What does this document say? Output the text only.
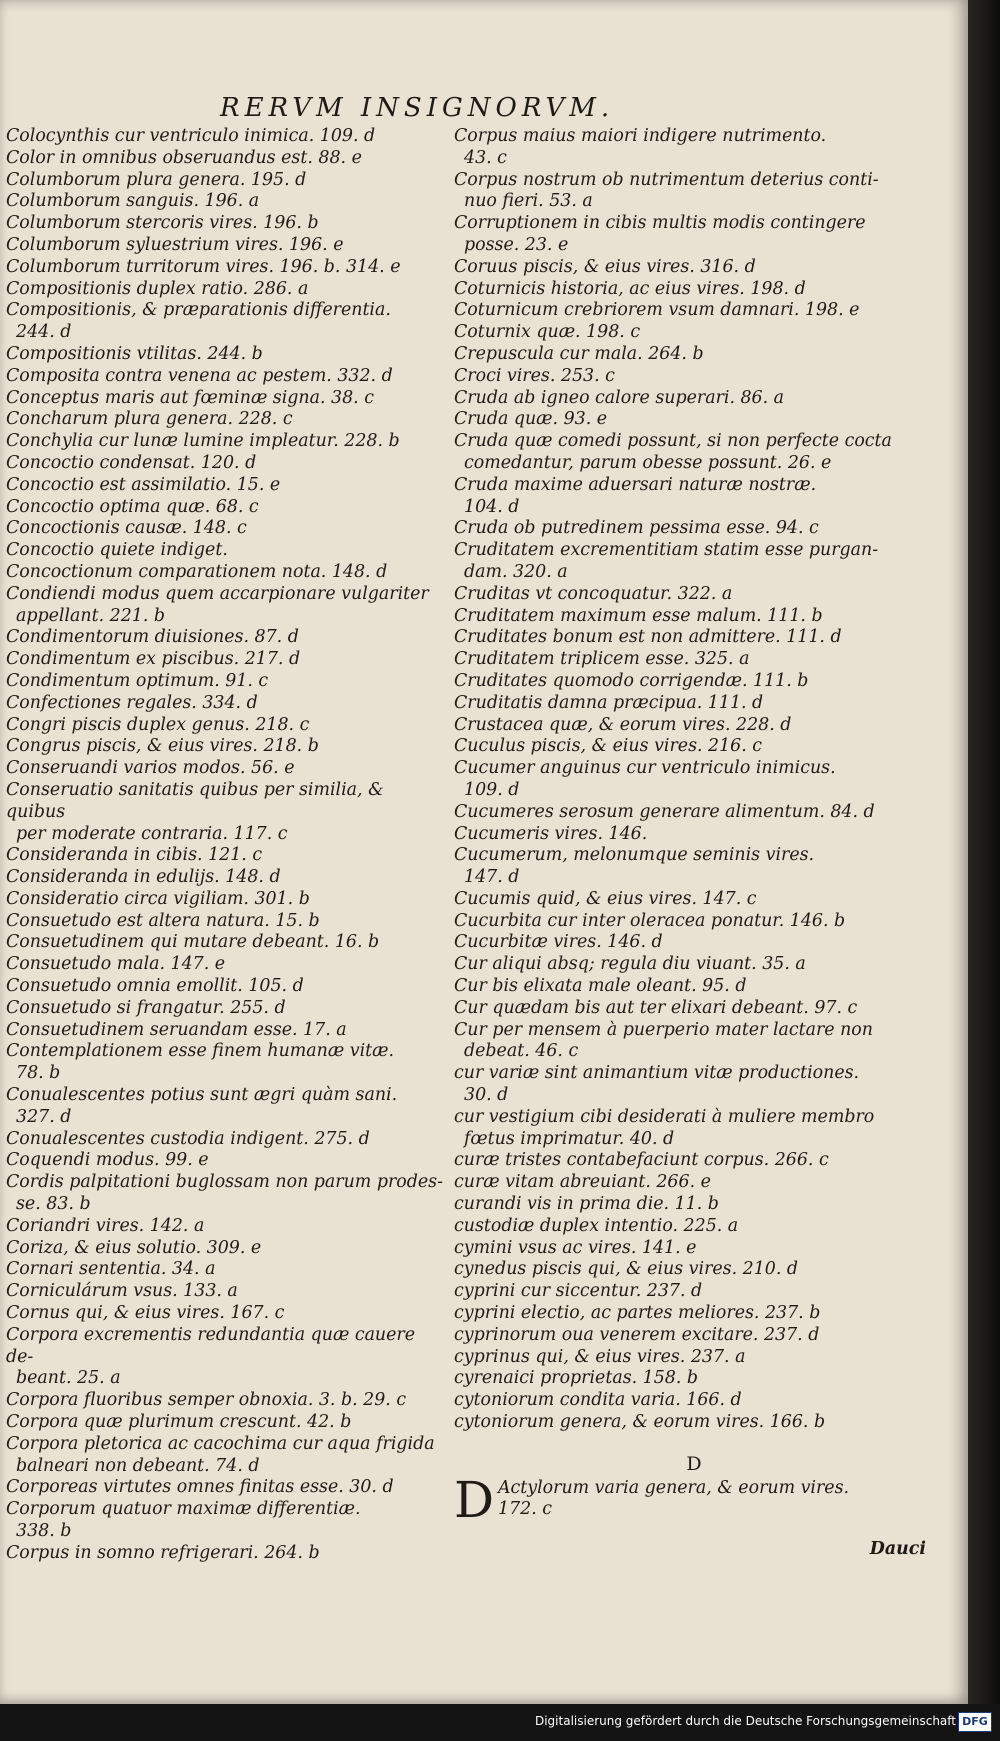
RERVM INSIGNORVM.
Colocynthis cur ventriculo inimica. 109. d
Color in omnibus obseruandus est. 88. e
Columborum plura genera. 195. d
Columborum sanguis. 196. a
Columborum stercoris vires. 196. b
Columborum syluestrium vires. 196. e
Columborum turritorum vires. 196. b. 314. e
Compositionis duplex ratio. 286. a
Compositionis, & præparationis differentia.
244. d
Compositionis vtilitas. 244. b
Composita contra venena ac pestem. 332. d
Conceptus maris aut fœminæ signa. 38. c
Concharum plura genera. 228. c
Conchylia cur lunæ lumine impleatur. 228. b
Concoctio condensat. 120. d
Concoctio est assimilatio. 15. e
Concoctio optima quæ. 68. c
Concoctionis causæ. 148. c
Concoctio quiete indiget.
Concoctionum comparationem nota. 148. d
Condiendi modus quem accarpionare vulgariter
appellant. 221. b
Condimentorum diuisiones. 87. d
Condimentum ex piscibus. 217. d
Condimentum optimum. 91. c
Confectiones regales. 334. d
Congri piscis duplex genus. 218. c
Congrus piscis, & eius vires. 218. b
Conseruandi varios modos. 56. e
Conseruatio sanitatis quibus per similia, & quibus
per moderate contraria. 117. c
Consideranda in cibis. 121. c
Consideranda in edulijs. 148. d
Consideratio circa vigiliam. 301. b
Consuetudo est altera natura. 15. b
Consuetudinem qui mutare debeant. 16. b
Consuetudo mala. 147. e
Consuetudo omnia emollit. 105. d
Consuetudo si frangatur. 255. d
Consuetudinem seruandam esse. 17. a
Contemplationem esse finem humanæ vitæ.
78. b
Conualescentes potius sunt ægri quàm sani.
327. d
Conualescentes custodia indigent. 275. d
Coquendi modus. 99. e
Cordis palpitationi buglossam non parum prodes-
se. 83. b
Coriandri vires. 142. a
Coriza, & eius solutio. 309. e
Cornari sententia. 34. a
Corniculárum vsus. 133. a
Cornus qui, & eius vires. 167. c
Corpora excrementis redundantia quæ cauere de-
beant. 25. a
Corpora fluoribus semper obnoxia. 3. b. 29. c
Corpora quæ plurimum crescunt. 42. b
Corpora pletorica ac cacochima cur aqua frigida
balneari non debeant. 74. d
Corporeas virtutes omnes finitas esse. 30. d
Corporum quatuor maximæ differentiæ.
338. b
Corpus in somno refrigerari. 264. b
Corpus maius maiori indigere nutrimento.
43. c
Corpus nostrum ob nutrimentum deterius conti-
nuo fieri. 53. a
Corruptionem in cibis multis modis contingere
posse. 23. e
Coruus piscis, & eius vires. 316. d
Coturnicis historia, ac eius vires. 198. d
Coturnicum crebriorem vsum damnari. 198. e
Coturnix quæ. 198. c
Crepuscula cur mala. 264. b
Croci vires. 253. c
Cruda ab igneo calore superari. 86. a
Cruda quæ. 93. e
Cruda quæ comedi possunt, si non perfecte cocta
comedantur, parum obesse possunt. 26. e
Cruda maxime aduersari naturæ nostræ.
104. d
Cruda ob putredinem pessima esse. 94. c
Cruditatem excrementitiam statim esse purgan-
dam. 320. a
Cruditas vt concoquatur. 322. a
Cruditatem maximum esse malum. 111. b
Cruditates bonum est non admittere. 111. d
Cruditatem triplicem esse. 325. a
Cruditates quomodo corrigendæ. 111. b
Cruditatis damna præcipua. 111. d
Crustacea quæ, & eorum vires. 228. d
Cuculus piscis, & eius vires. 216. c
Cucumer anguinus cur ventriculo inimicus.
109. d
Cucumeres serosum generare alimentum. 84. d
Cucumeris vires. 146.
Cucumerum, melonumque seminis vires.
147. d
Cucumis quid, & eius vires. 147. c
Cucurbita cur inter oleracea ponatur. 146. b
Cucurbitæ vires. 146. d
Cur aliqui absq; regula diu viuant. 35. a
Cur bis elixata male oleant. 95. d
Cur quædam bis aut ter elixari debeant. 97. c
Cur per mensem à puerperio mater lactare non
debeat. 46. c
cur variæ sint animantium vitæ productiones.
30. d
cur vestigium cibi desiderati à muliere membro
fœtus imprimatur. 40. d
curæ tristes contabefaciunt corpus. 266. c
curæ vitam abreuiant. 266. e
curandi vis in prima die. 11. b
custodiæ duplex intentio. 225. a
cymini vsus ac vires. 141. e
cynedus piscis qui, & eius vires. 210. d
cyprini cur siccentur. 237. d
cyprini electio, ac partes meliores. 237. b
cyprinorum oua venerem excitare. 237. d
cyprinus qui, & eius vires. 237. a
cyrenaici proprietas. 158. b
cytoniorum condita varia. 166. d
cytoniorum genera, & eorum vires. 166. b
D
D Actylorum varia genera, & eorum vires.
172. c
Dauci
Digitalisierung gefördert durch die Deutsche Forschungsgemeinschaft DFG
